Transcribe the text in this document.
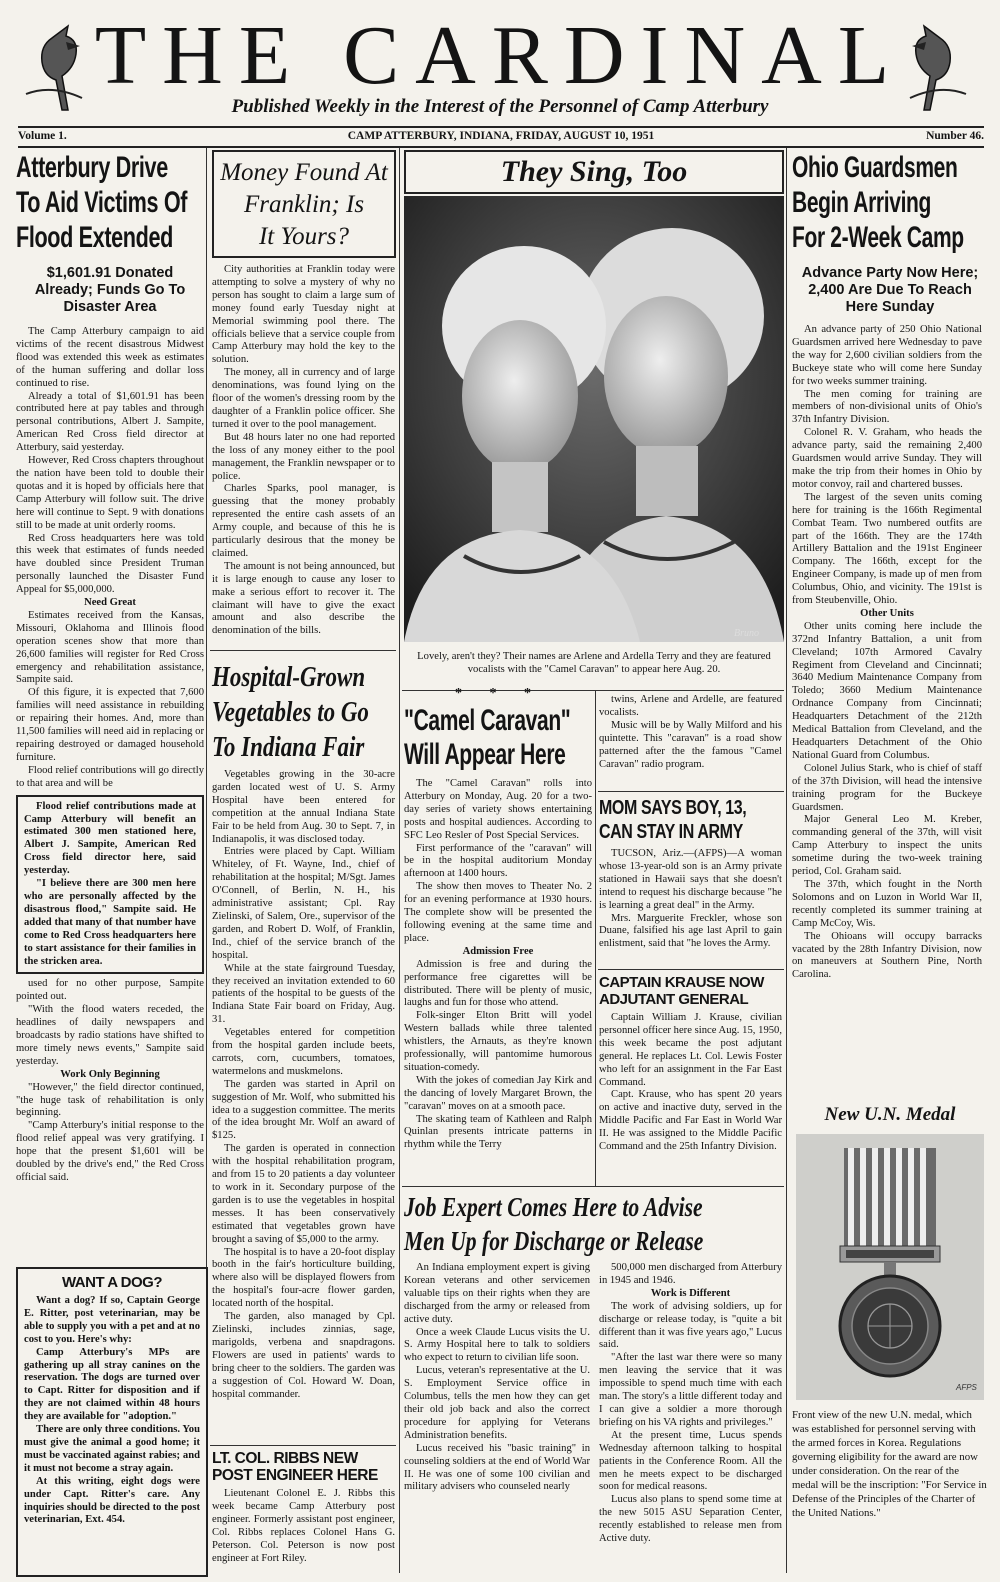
THE CARDINAL
Published Weekly in the Interest of the Personnel of Camp Atterbury
Volume 1.	CAMP ATTERBURY, INDIANA, FRIDAY, AUGUST 10, 1951	Number 46.
Atterbury Drive
To Aid Victims Of
Flood Extended
$1,601.91 Donated Already; Funds Go To Disaster Area

The Camp Atterbury campaign to aid victims of the recent disastrous Midwest flood was extended this week as estimates of the human suffering and dollar loss continued to rise.

Already a total of $1,601.91 has been contributed here at pay tables and through personal contributions, Albert J. Sampite, American Red Cross field director at Atterbury, said yesterday.

However, Red Cross chapters throughout the nation have been told to double their quotas and it is hoped by officials here that Camp Atterbury will follow suit. The drive here will continue to Sept. 9 with donations still to be made at unit orderly rooms.

Red Cross headquarters here was told this week that estimates of funds needed have doubled since President Truman personally launched the Disaster Fund Appeal for $5,000,000.

Need Great

Estimates received from the Kansas, Missouri, Oklahoma and Illinois flood operation scenes show that more than 26,600 families will register for Red Cross emergency and rehabilitation assistance, Sampite said.

Of this figure, it is expected that 7,600 families will need assistance in rebuilding or repairing their homes. And, more than 11,500 families will need aid in replacing or repairing destroyed or damaged household furniture.

Flood relief contributions will go directly to that area and will be

Flood relief contributions made at Camp Atterbury will benefit an estimated 300 men stationed here, Albert J. Sampite, American Red Cross field director here, said yesterday.

"I believe there are 300 men here who are personally affected by the disastrous flood," Sampite said. He added that many of that number have come to Red Cross headquarters here to start assistance for their families in the stricken area.

used for no other purpose, Sampite pointed out.

"With the flood waters receded, the headlines of daily newspapers and broadcasts by radio stations have shifted to more timely news events," Sampite said yesterday.

Work Only Beginning

"However," the field director continued, "the huge task of rehabilitation is only beginning.

"Camp Atterbury's initial response to the flood relief appeal was very gratifying. I hope that the present $1,601 will be doubled by the drive's end," the Red Cross official said.

WANT A DOG?

Want a dog? If so, Captain George E. Ritter, post veterinarian, may be able to supply you with a pet and at no cost to you. Here's why:

Camp Atterbury's MPs are gathering up all stray canines on the reservation. The dogs are turned over to Capt. Ritter for disposition and if they are not claimed within 48 hours they are available for "adoption."

There are only three conditions. You must give the animal a good home; it must be vaccinated against rabies; and it must not become a stray again.

At this writing, eight dogs were under Capt. Ritter's care. Any inquiries should be directed to the post veterinarian, Ext. 454.

Money Found At
Franklin; Is
It Yours?

City authorities at Franklin today were attempting to solve a mystery of why no person has sought to claim a large sum of money found early Tuesday night at Memorial swimming pool there. The officials believe that a service couple from Camp Atterbury may hold the key to the solution.

The money, all in currency and of large denominations, was found lying on the floor of the women's dressing room by the daughter of a Franklin police officer. She turned it over to the pool management.

But 48 hours later no one had reported the loss of any money either to the pool management, the Franklin newspaper or to police.

Charles Sparks, pool manager, is guessing that the money probably represented the entire cash assets of an Army couple, and because of this he is particularly desirous that the money be claimed.

The amount is not being announced, but it is large enough to cause any loser to make a serious effort to recover it. The claimant will have to give the exact amount and also describe the denomination of the bills.

Hospital-Grown
Vegetables to Go
To Indiana Fair

Vegetables growing in the 30-acre garden located west of U. S. Army Hospital have been entered for competition at the annual Indiana State Fair to be held from Aug. 30 to Sept. 7, in Indianapolis, it was disclosed today.

Entries were placed by Capt. William Whiteley, of Ft. Wayne, Ind., chief of rehabilitation at the hospital; M/Sgt. James O'Connell, of Berlin, N. H., his administrative assistant; Cpl. Ray Zielinski, of Salem, Ore., supervisor of the garden, and Robert D. Wolf, of Franklin, Ind., chief of the service branch of the hospital.

While at the state fairground Tuesday, they received an invitation extended to 60 patients of the hospital to be guests of the Indiana State Fair board on Friday, Aug. 31.

Vegetables entered for competition from the hospital garden include beets, carrots, corn, cucumbers, tomatoes, watermelons and muskmelons.

The garden was started in April on suggestion of Mr. Wolf, who submitted his idea to a suggestion committee. The merits of the idea brought Mr. Wolf an award of $125.

The garden is operated in connection with the hospital rehabilitation program, and from 15 to 20 patients a day volunteer to work in it. Secondary purpose of the garden is to use the vegetables in hospital messes. It has been conservatively estimated that vegetables grown have brought a saving of $5,000 to the army.

The hospital is to have a 20-foot display booth in the fair's horticulture building, where also will be displayed flowers from the hospital's four-acre flower garden, located north of the hospital.

The garden, also managed by Cpl. Zielinski, includes zinnias, sage, marigolds, verbena and snapdragons. Flowers are used in patients' wards to bring cheer to the soldiers. The garden was a suggestion of Col. Howard W. Doan, hospital commander.

LT. COL. RIBBS NEW
POST ENGINEER HERE

Lieutenant Colonel E. J. Ribbs this week became Camp Atterbury post engineer. Formerly assistant post engineer, Col. Ribbs replaces Colonel Hans G. Peterson. Col. Peterson is now post engineer at Fort Riley.

They Sing, Too
Bruno
Lovely, aren't they? Their names are Arlene and Ardella Terry and they are featured vocalists with the "Camel Caravan" to appear here Aug. 20.
* * *
"Camel Caravan"
Will Appear Here

The "Camel Caravan" rolls into Atterbury on Monday, Aug. 20 for a two-day series of variety shows entertaining posts and hospital audiences. According to SFC Leo Resler of Post Special Services.

First performance of the "caravan" will be in the hospital auditorium Monday afternoon at 1400 hours.

The show then moves to Theater No. 2 for an evening performance at 1930 hours. The complete show will be presented the following evening at the same time and place.

Admission Free

Admission is free and during the performance free cigarettes will be distributed. There will be plenty of music, laughs and fun for those who attend.

Folk-singer Elton Britt will yodel Western ballads while three talented whistlers, the Arnauts, as they're known professionally, will pantomime humorous situation-comedy.

With the jokes of comedian Jay Kirk and the dancing of lovely Margaret Brown, the "caravan" moves on at a smooth pace.

The skating team of Kathleen and Ralph Quinlan presents intricate patterns in rhythm while the Terry

twins, Arlene and Ardelle, are featured vocalists.

Music will be by Wally Milford and his quintette. This "caravan" is a road show patterned after the the famous "Camel Caravan" radio program.

MOM SAYS BOY, 13,
CAN STAY IN ARMY

TUCSON, Ariz.—(AFPS)—A woman whose 13-year-old son is an Army private stationed in Hawaii says that she doesn't intend to request his discharge because "he is learning a great deal" in the Army.

Mrs. Marguerite Freckler, whose son Duane, falsified his age last April to gain enlistment, said that "he loves the Army.

CAPTAIN KRAUSE NOW
ADJUTANT GENERAL

Captain William J. Krause, civilian personnel officer here since Aug. 15, 1950, this week became the post adjutant general. He replaces Lt. Col. Lewis Foster who left for an assignment in the Far East Command.

Capt. Krause, who has spent 20 years on active and inactive duty, served in the Middle Pacific and Far East in World War II. He was assigned to the Middle Pacific Command and the 25th Infantry Division.

Job Expert Comes Here to Advise
Men Up for Discharge or Release

An Indiana employment expert is giving Korean veterans and other servicemen valuable tips on their rights when they are discharged from the army or released from active duty.

Once a week Claude Lucus visits the U. S. Army Hospital here to talk to soldiers who expect to return to civilian life soon.

Lucus, veteran's representative at the U. S. Employment Service office in Columbus, tells the men how they can get their old job back and also the correct procedure for applying for Veterans Administration benefits.

Lucus received his "basic training" in counseling soldiers at the end of World War II. He was one of some 100 civilian and military advisers who counseled nearly

500,000 men discharged from Atterbury in 1945 and 1946.

Work is Different

The work of advising soldiers, up for discharge or release today, is "quite a bit different than it was five years ago," Lucus said.

"After the last war there were so many men leaving the service that it was impossible to spend much time with each man. The story's a little different today and I can give a soldier a more thorough briefing on his VA rights and privileges."

At the present time, Lucus spends Wednesday afternoon talking to hospital patients in the Conference Room. All the men he meets expect to be discharged soon for medical reasons.

Lucus also plans to spend some time at the new 5015 ASU Separation Center, recently established to release men from Active duty.

Ohio Guardsmen
Begin Arriving
For 2-Week Camp
Advance Party Now Here; 2,400 Are Due To Reach Here Sunday

An advance party of 250 Ohio National Guardsmen arrived here Wednesday to pave the way for 2,600 civilian soldiers from the Buckeye state who will come here Sunday for two weeks summer training.

The men coming for training are members of non-divisional units of Ohio's 37th Infantry Division.

Colonel R. V. Graham, who heads the advance party, said the remaining 2,400 Guardsmen would arrive Sunday. They will make the trip from their homes in Ohio by motor convoy, rail and chartered busses.

The largest of the seven units coming here for training is the 166th Regimental Combat Team. Two numbered outfits are part of the 166th. They are the 174th Artillery Battalion and the 191st Engineer Company. The 166th, except for the Engineer Company, is made up of men from Columbus, Ohio, and vicinity. The 191st is from Steubenville, Ohio.

Other Units

Other units coming here include the 372nd Infantry Battalion, a unit from Cleveland; 107th Armored Cavalry Regiment from Cleveland and Cincinnati; 3640 Medium Maintenance Company from Toledo; 3660 Medium Maintenance Ordnance Company from Cincinnati; Headquarters Detachment of the 212th Medical Battalion from Cleveland, and the Headquarters Detachment of the Ohio National Guard from Columbus.

Colonel Julius Stark, who is chief of staff of the 37th Division, will head the intensive training program for the Buckeye Guardsmen.

Major General Leo M. Kreber, commanding general of the 37th, will visit Camp Atterbury to inspect the units sometime during the two-week training period, Col. Graham said.

The 37th, which fought in the North Solomons and on Luzon in World War II, recently completed its summer training at Camp McCoy, Wis.

The Ohioans will occupy barracks vacated by the 28th Infantry Division, now on maneuvers at Southern Pine, North Carolina.

New U.N. Medal
AFPS
Front view of the new U.N. medal, which was established for personnel serving with the armed forces in Korea. Regulations governing eligibility for the award are now under consideration. On the rear of the medal will be the inscription: "For Service in Defense of the Principles of the Charter of the United Nations."
